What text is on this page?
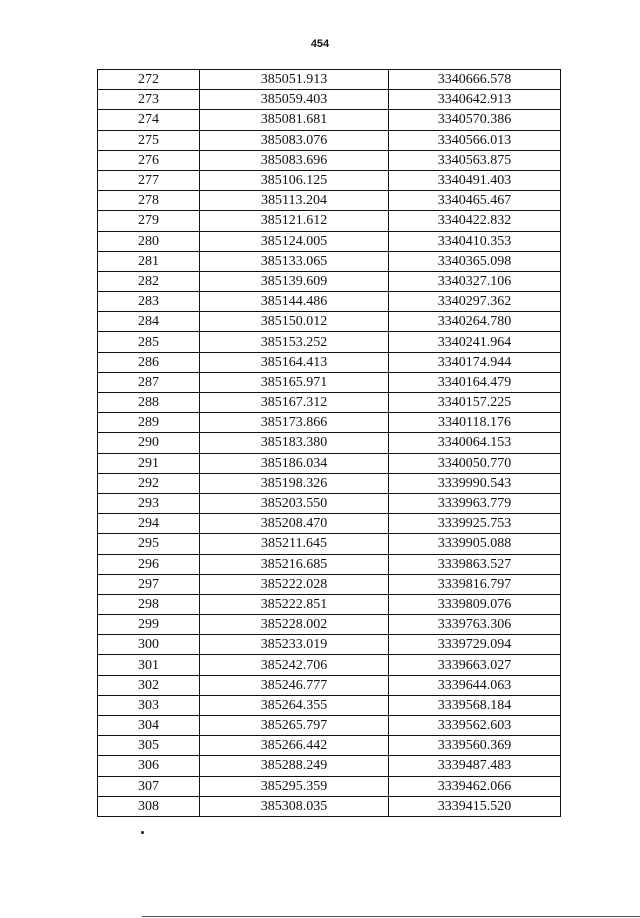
454
272	385051.913	3340666.578
273	385059.403	3340642.913
274	385081.681	3340570.386
275	385083.076	3340566.013
276	385083.696	3340563.875
277	385106.125	3340491.403
278	385113.204	3340465.467
279	385121.612	3340422.832
280	385124.005	3340410.353
281	385133.065	3340365.098
282	385139.609	3340327.106
283	385144.486	3340297.362
284	385150.012	3340264.780
285	385153.252	3340241.964
286	385164.413	3340174.944
287	385165.971	3340164.479
288	385167.312	3340157.225
289	385173.866	3340118.176
290	385183.380	3340064.153
291	385186.034	3340050.770
292	385198.326	3339990.543
293	385203.550	3339963.779
294	385208.470	3339925.753
295	385211.645	3339905.088
296	385216.685	3339863.527
297	385222.028	3339816.797
298	385222.851	3339809.076
299	385228.002	3339763.306
300	385233.019	3339729.094
301	385242.706	3339663.027
302	385246.777	3339644.063
303	385264.355	3339568.184
304	385265.797	3339562.603
305	385266.442	3339560.369
306	385288.249	3339487.483
307	385295.359	3339462.066
308	385308.035	3339415.520
